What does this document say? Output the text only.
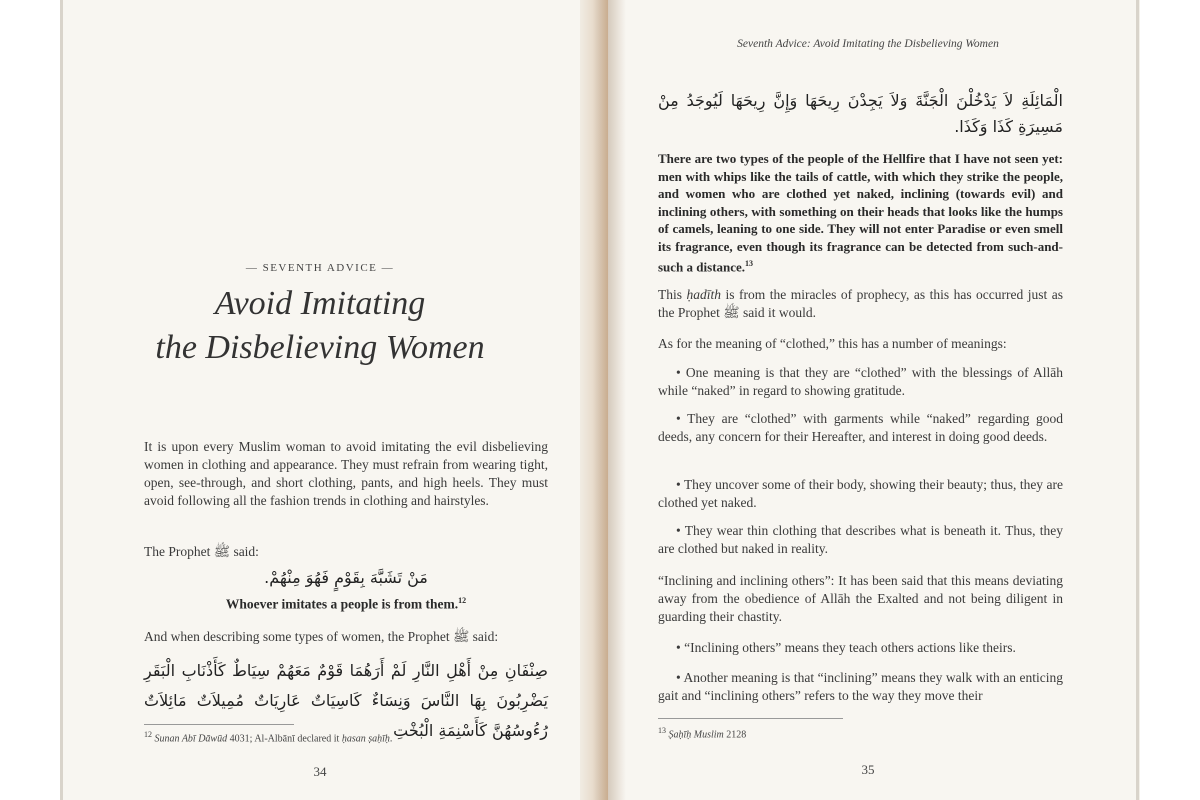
— SEVENTH ADVICE —
Avoid Imitating
the Disbelieving Women
It is upon every Muslim woman to avoid imitating the evil disbelieving women in clothing and appearance. They must refrain from wearing tight, open, see-through, and short clothing, pants, and high heels. They must avoid following all the fashion trends in clothing and hairstyles.
The Prophet ﷺ said:
مَنْ تَشَبَّهَ بِقَوْمٍ فَهُوَ مِنْهُمْ.
Whoever imitates a people is from them.$^{12}$
And when describing some types of women, the Prophet ﷺ said:
صِنْفَانِ مِنْ أَهْلِ النَّارِ لَمْ أَرَهُمَا قَوْمٌ مَعَهُمْ سِيَاطٌ كَأَذْنَابِ الْبَقَرِ يَضْرِبُونَ بِهَا النَّاسَ وَنِسَاءٌ كَاسِيَاتٌ عَارِيَاتٌ مُمِيلاَتٌ مَائِلاَتٌ رُءُوسُهُنَّ كَأَسْنِمَةِ الْبُخْتِ
$^{12}$ Sunan Abī Dāwūd 4031; Al-Albānī declared it ḥasan ṣaḥīḥ.
34
Seventh Advice: Avoid Imitating the Disbelieving Women
الْمَائِلَةِ لاَ يَدْخُلْنَ الْجَنَّةَ وَلاَ يَجِدْنَ رِيحَهَا وَإِنَّ رِيحَهَا لَيُوجَدُ مِنْ مَسِيرَةِ كَذَا وَكَذَا.
There are two types of the people of the Hellfire that I have not seen yet: men with whips like the tails of cattle, with which they strike the people, and women who are clothed yet naked, inclining (towards evil) and inclining others, with something on their heads that looks like the humps of camels, leaning to one side. They will not enter Paradise or even smell its fragrance, even though its fragrance can be detected from such-and-such a distance.$^{13}$
This ḥadīth is from the miracles of prophecy, as this has occurred just as the Prophet ﷺ said it would.
As for the meaning of “clothed,” this has a number of meanings:
• One meaning is that they are “clothed” with the blessings of Allāh while “naked” in regard to showing gratitude.
• They are “clothed” with garments while “naked” regarding good deeds, any concern for their Hereafter, and interest in doing good deeds.
• They uncover some of their body, showing their beauty; thus, they are clothed yet naked.
• They wear thin clothing that describes what is beneath it. Thus, they are clothed but naked in reality.
“Inclining and inclining others”: It has been said that this means deviating away from the obedience of Allāh the Exalted and not being diligent in guarding their chastity.
• “Inclining others” means they teach others actions like theirs.
• Another meaning is that “inclining” means they walk with an enticing gait and “inclining others” refers to the way they move their
$^{13}$ Ṣaḥīḥ Muslim 2128
35
